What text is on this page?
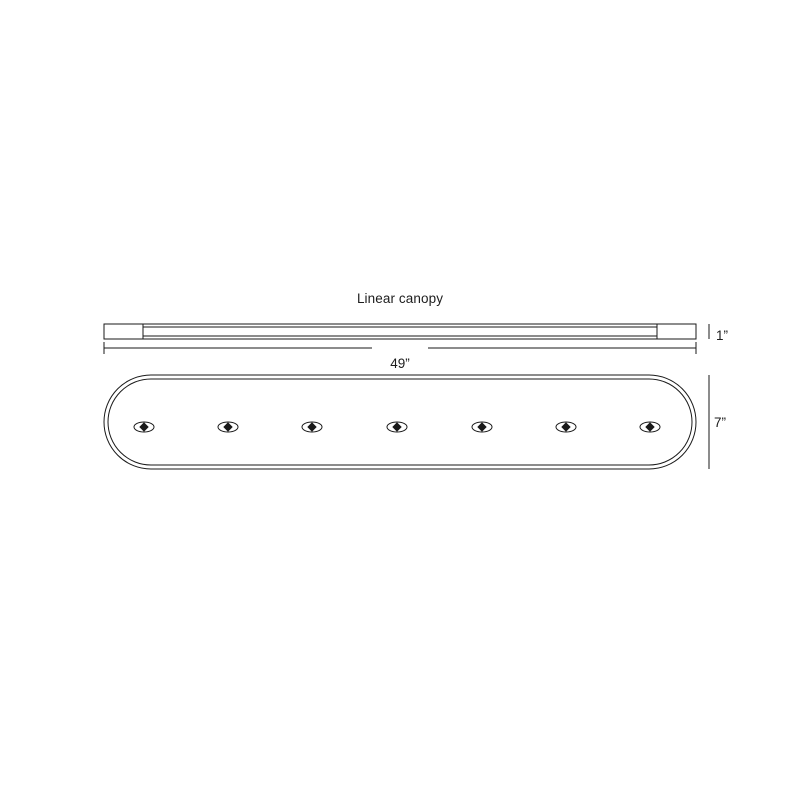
Linear canopy
49”
7”
1”
